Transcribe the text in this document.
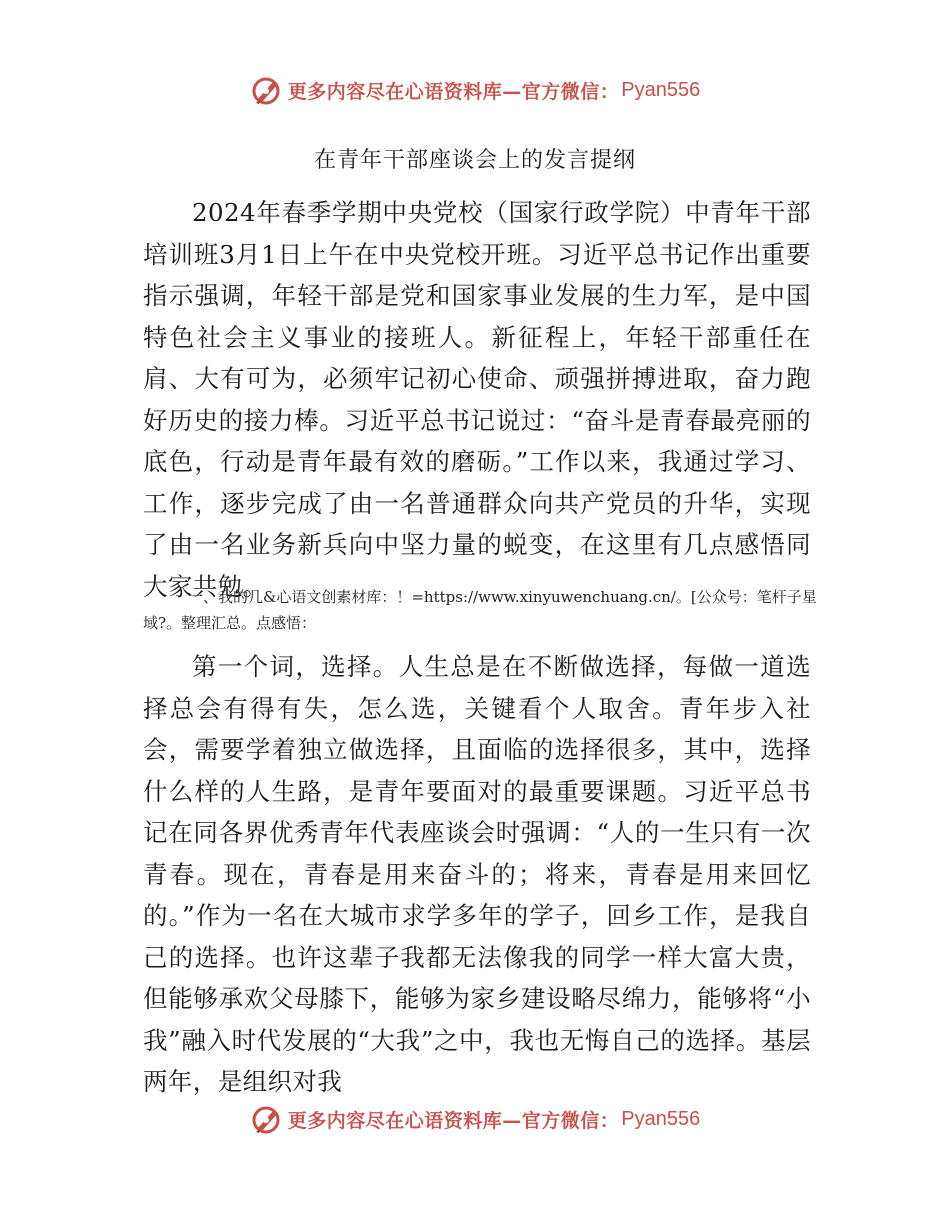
更多内容尽在心语资料库—官方微信： Pyan556
在青年干部座谈会上的发言提纲

2024年春季学期中央党校（国家行政学院）中青年干部培训班3月1日上午在中央党校开班。习近平总书记作出重要指示强调，年轻干部是党和国家事业发展的生力军，是中国特色社会主义事业的接班人。新征程上，年轻干部重任在肩、大有可为，必须牢记初心使命、顽强拼搏进取，奋力跑好历史的接力棒。习近平总书记说过：“奋斗是青春最亮丽的底色，行动是青年最有效的磨砺。”工作以来，我通过学习、工作，逐步完成了由一名普通群众向共产党员的升华，实现了由一名业务新兵向中坚力量的蜕变，在这里有几点感悟同大家共勉。

一、我的几&心语文创素材库：！=https://www.xinyuwenchuang.cn/。[公众号：笔杆子星域?。整理汇总。点感悟：

第一个词，选择。人生总是在不断做选择，每做一道选择总会有得有失，怎么选，关键看个人取舍。青年步入社会，需要学着独立做选择，且面临的选择很多，其中，选择什么样的人生路，是青年要面对的最重要课题。习近平总书记在同各界优秀青年代表座谈会时强调：“人的一生只有一次青春。现在，青春是用来奋斗的；将来，青春是用来回忆的。”作为一名在大城市求学多年的学子，回乡工作，是我自己的选择。也许这辈子我都无法像我的同学一样大富大贵，但能够承欢父母膝下，能够为家乡建设略尽绵力，能够将“小我”融入时代发展的“大我”之中，我也无悔自己的选择。基层两年，是组织对我

更多内容尽在心语资料库—官方微信： Pyan556
